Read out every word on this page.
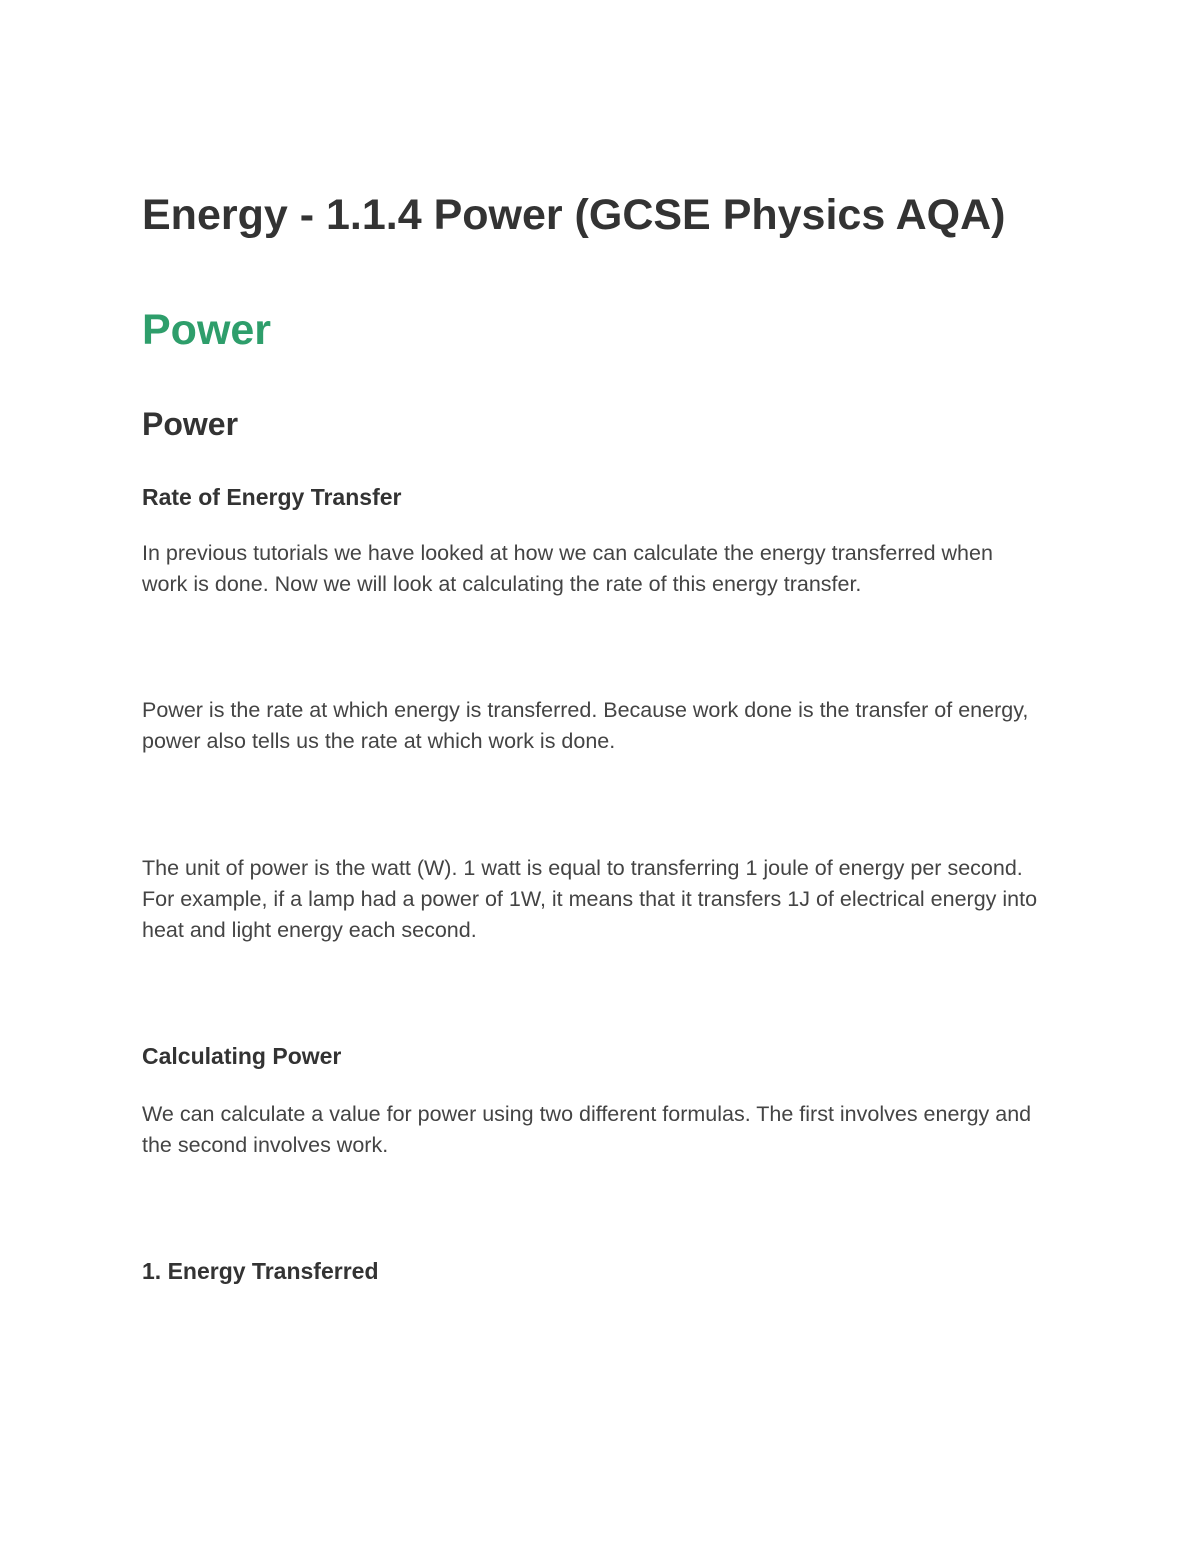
Energy - 1.1.4 Power (GCSE Physics AQA)
Power
Power
Rate of Energy Transfer

In previous tutorials we have looked at how we can calculate the energy transferred when work is done. Now we will look at calculating the rate of this energy transfer.

Power is the rate at which energy is transferred. Because work done is the transfer of energy, power also tells us the rate at which work is done.

The unit of power is the watt (W). 1 watt is equal to transferring 1 joule of energy per second. For example, if a lamp had a power of 1W, it means that it transfers 1J of electrical energy into heat and light energy each second.

Calculating Power

We can calculate a value for power using two different formulas. The first involves energy and the second involves work.

1. Energy Transferred
